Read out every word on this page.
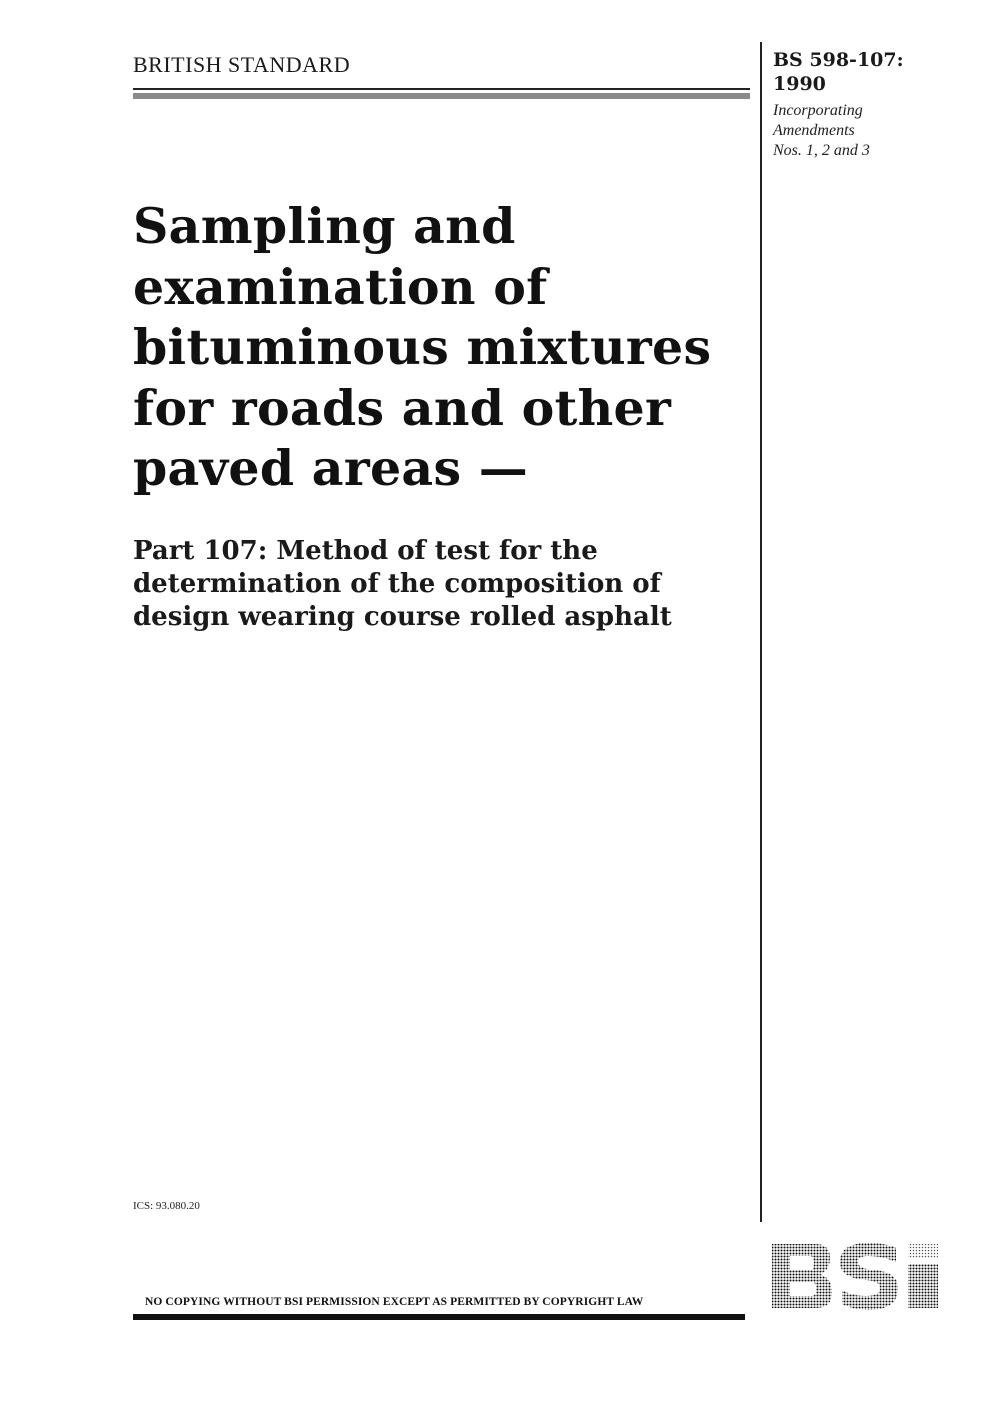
BRITISH STANDARD	BS 598-107:
1990
Incorporating
Amendments
Nos. 1, 2 and 3
Sampling and
examination of
bituminous mixtures
for roads and other
paved areas —
Part 107: Method of test for the
determination of the composition of
design wearing course rolled asphalt
ICS: 93.080.20
NO COPYING WITHOUT BSI PERMISSION EXCEPT AS PERMITTED BY COPYRIGHT LAW
